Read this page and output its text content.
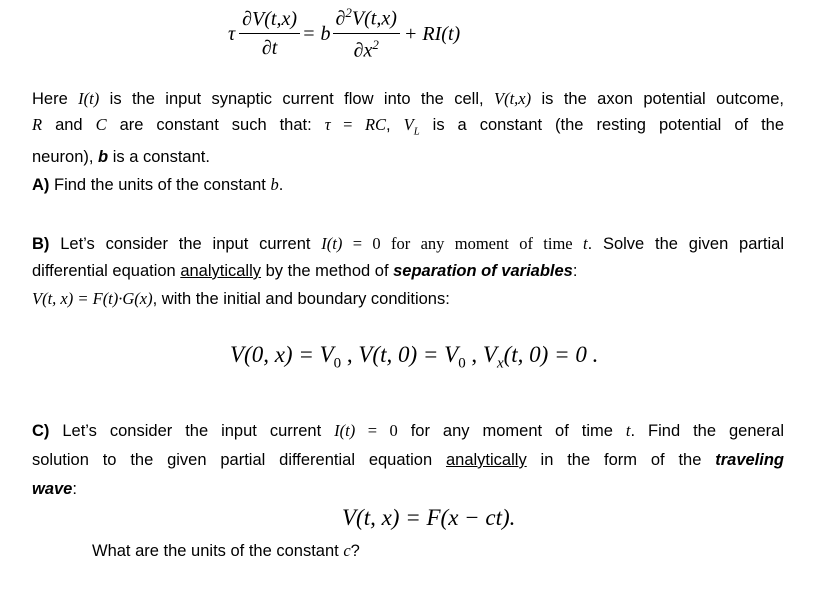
τ $\frac{\partial V(t,x)}{\partial t} = b \frac{\partial^2V(t,x)}{\partial x^2} + RI(t)$
Here I(t) is the input synaptic current flow into the cell, V(t,x) is the axon potential outcome,
R and C are constant such that: τ = RC, $V_L$ is a constant (the resting potential of the
neuron), b is a constant.
A) Find the units of the constant b.
B) Let’s consider the input current I(t) = 0 for any moment of time t. Solve the given partial
differential equation analytically by the method of separation of variables:
V(t, x) = F(t)·G(x), with the initial and boundary conditions:
V(0, $x) = V_0$ , V(t, $0) = V_0$ , $V_x(t$, 0) = 0 .
C) Let’s consider the input current I(t) = 0 for any moment of time t. Find the general
solution to the given partial differential equation analytically in the form of the traveling
wave:
V(t, x) = F(x − ct).
What are the units of the constant c?
